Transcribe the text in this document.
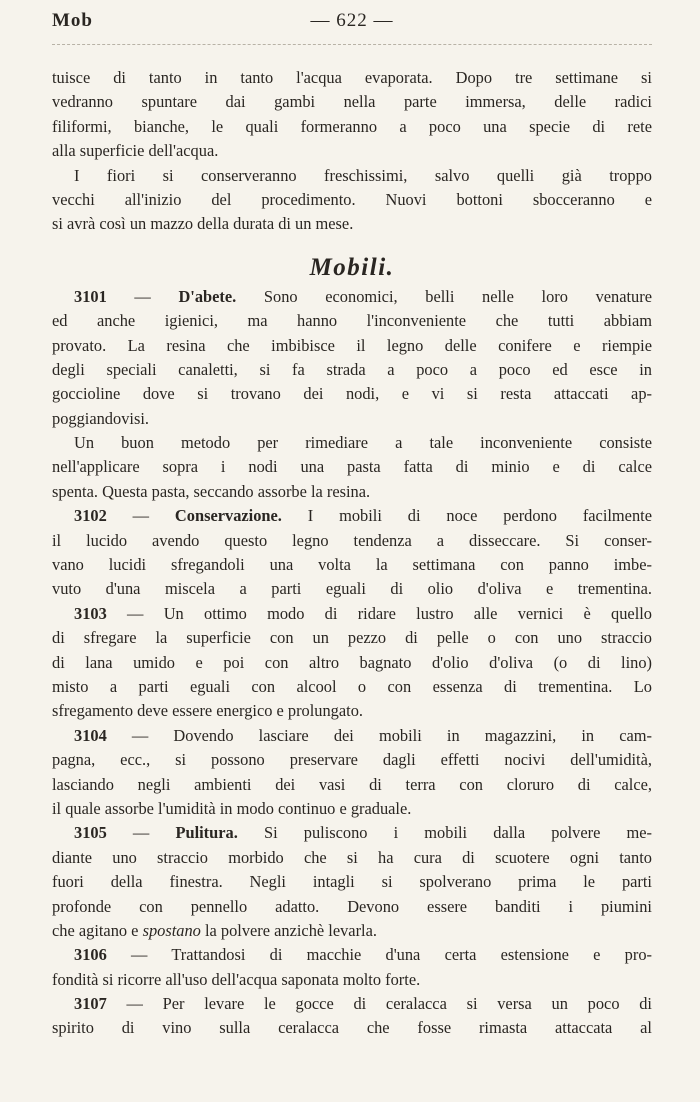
Mob	— 622 —
tuisce di tanto in tanto l'acqua evaporata. Dopo tre settimane si
vedranno spuntare dai gambi nella parte immersa, delle radici
filiformi, bianche, le quali formeranno a poco una specie di rete
alla superficie dell'acqua.
I fiori si conserveranno freschissimi, salvo quelli già troppo
vecchi all'inizio del procedimento. Nuovi bottoni sbocceranno e
si avrà così un mazzo della durata di un mese.
Mobili.
3101 — D'abete. Sono economici, belli nelle loro venature
ed anche igienici, ma hanno l'inconveniente che tutti abbiam
provato. La resina che imbibisce il legno delle conifere e riempie
degli speciali canaletti, si fa strada a poco a poco ed esce in
goccioline dove si trovano dei nodi, e vi si resta attaccati ap-
poggiandovisi.
Un buon metodo per rimediare a tale inconveniente consiste
nell'applicare sopra i nodi una pasta fatta di minio e di calce
spenta. Questa pasta, seccando assorbe la resina.
3102 — Conservazione. I mobili di noce perdono facilmente
il lucido avendo questo legno tendenza a disseccare. Si conser-
vano lucidi sfregandoli una volta la settimana con panno imbe-
vuto d'una miscela a parti eguali di olio d'oliva e trementina.
3103 — Un ottimo modo di ridare lustro alle vernici è quello
di sfregare la superficie con un pezzo di pelle o con uno straccio
di lana umido e poi con altro bagnato d'olio d'oliva (o di lino)
misto a parti eguali con alcool o con essenza di trementina. Lo
sfregamento deve essere energico e prolungato.
3104 — Dovendo lasciare dei mobili in magazzini, in cam-
pagna, ecc., si possono preservare dagli effetti nocivi dell'umidità,
lasciando negli ambienti dei vasi di terra con cloruro di calce,
il quale assorbe l'umidità in modo continuo e graduale.
3105 — Pulitura. Si puliscono i mobili dalla polvere me-
diante uno straccio morbido che si ha cura di scuotere ogni tanto
fuori della finestra. Negli intagli si spolverano prima le parti
profonde con pennello adatto. Devono essere banditi i piumini
che agitano e spostano la polvere anzichè levarla.
3106 — Trattandosi di macchie d'una certa estensione e pro-
fondità si ricorre all'uso dell'acqua saponata molto forte.
3107 — Per levare le gocce di ceralacca si versa un poco di
spirito di vino sulla ceralacca che fosse rimasta attaccata al
